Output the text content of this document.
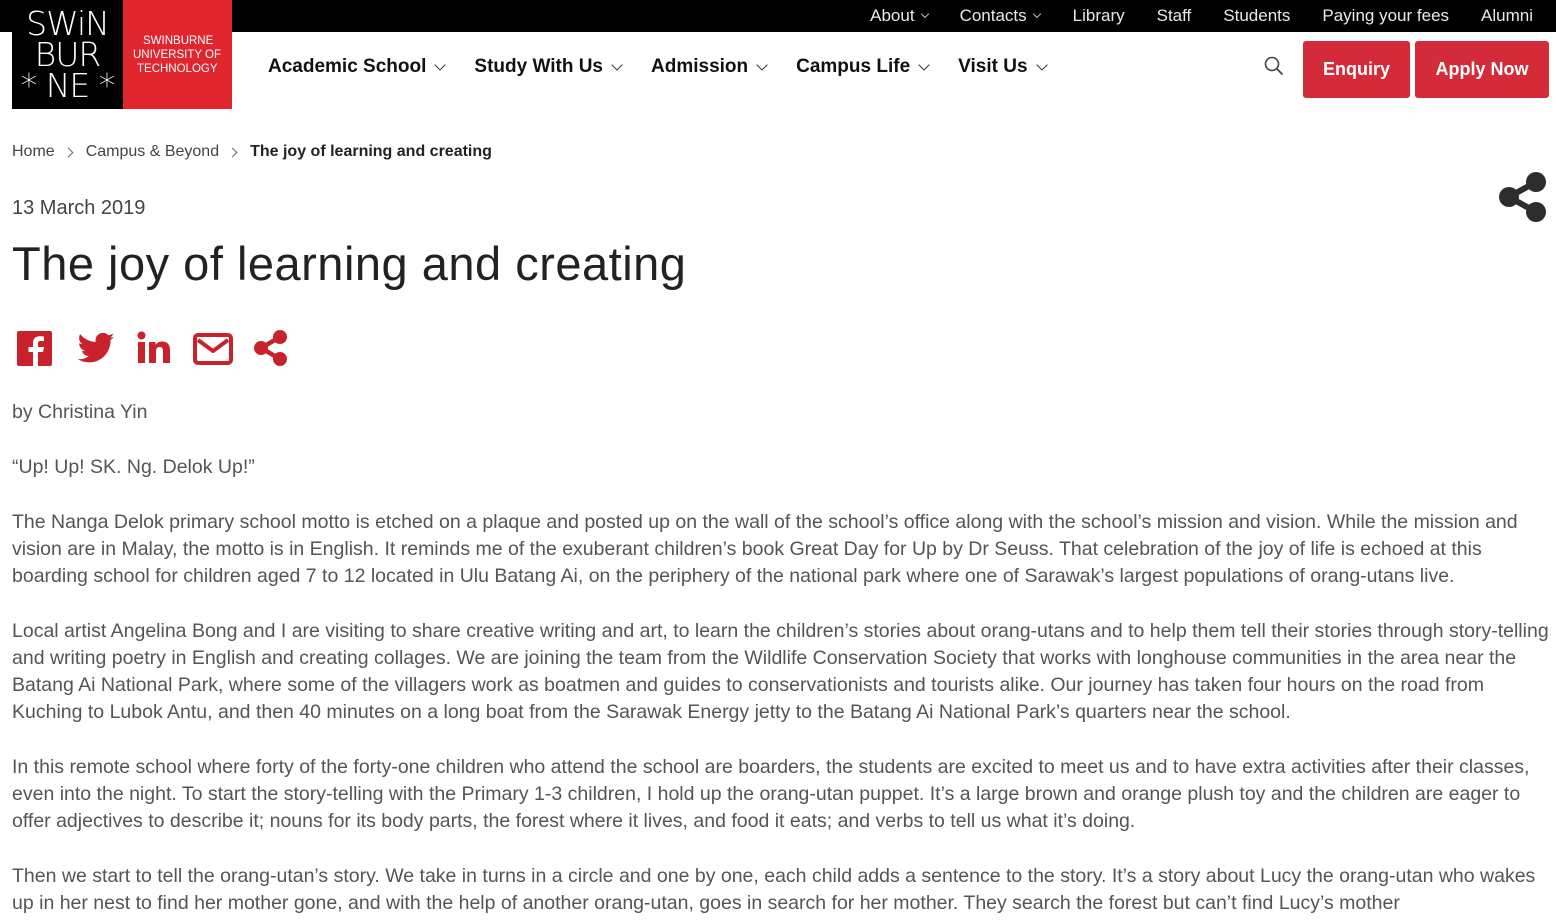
About	Contacts	Library Staff Students Paying your fees Alumni
SWiN
BUR
* NE *
SWINBURNE
UNIVERSITY OF
TECHNOLOGY	Academic School	Study With Us	Admission	Campus Life	Visit Us	Enquiry	Apply Now
Home Campus & Beyond The joy of learning and creating
13 March 2019
The joy of learning and creating

by Christina Yin

“Up! Up! SK. Ng. Delok Up!”

The Nanga Delok primary school motto is etched on a plaque and posted up on the wall of the school’s office along with the school’s mission and vision. While the mission and vision are in Malay, the motto is in English. It reminds me of the exuberant children’s book Great Day for Up by Dr Seuss. That celebration of the joy of life is echoed at this boarding school for children aged 7 to 12 located in Ulu Batang Ai, on the periphery of the national park where one of Sarawak’s largest populations of orang-utans live.

Local artist Angelina Bong and I are visiting to share creative writing and art, to learn the children’s stories about orang-utans and to help them tell their stories through story-telling and writing poetry in English and creating collages. We are joining the team from the Wildlife Conservation Society that works with longhouse communities in the area near the Batang Ai National Park, where some of the villagers work as boatmen and guides to conservationists and tourists alike. Our journey has taken four hours on the road from Kuching to Lubok Antu, and then 40 minutes on a long boat from the Sarawak Energy jetty to the Batang Ai National Park’s quarters near the school.

In this remote school where forty of the forty-one children who attend the school are boarders, the students are excited to meet us and to have extra activities after their classes, even into the night. To start the story-telling with the Primary 1-3 children, I hold up the orang-utan puppet. It’s a large brown and orange plush toy and the children are eager to offer adjectives to describe it; nouns for its body parts, the forest where it lives, and food it eats; and verbs to tell us what it’s doing.

Then we start to tell the orang-utan’s story. We take in turns in a circle and one by one, each child adds a sentence to the story. It’s a story about Lucy the orang-utan who wakes up in her nest to find her mother gone, and with the help of another orang-utan, goes in search for her mother. They search the forest but can’t find Lucy’s mother
